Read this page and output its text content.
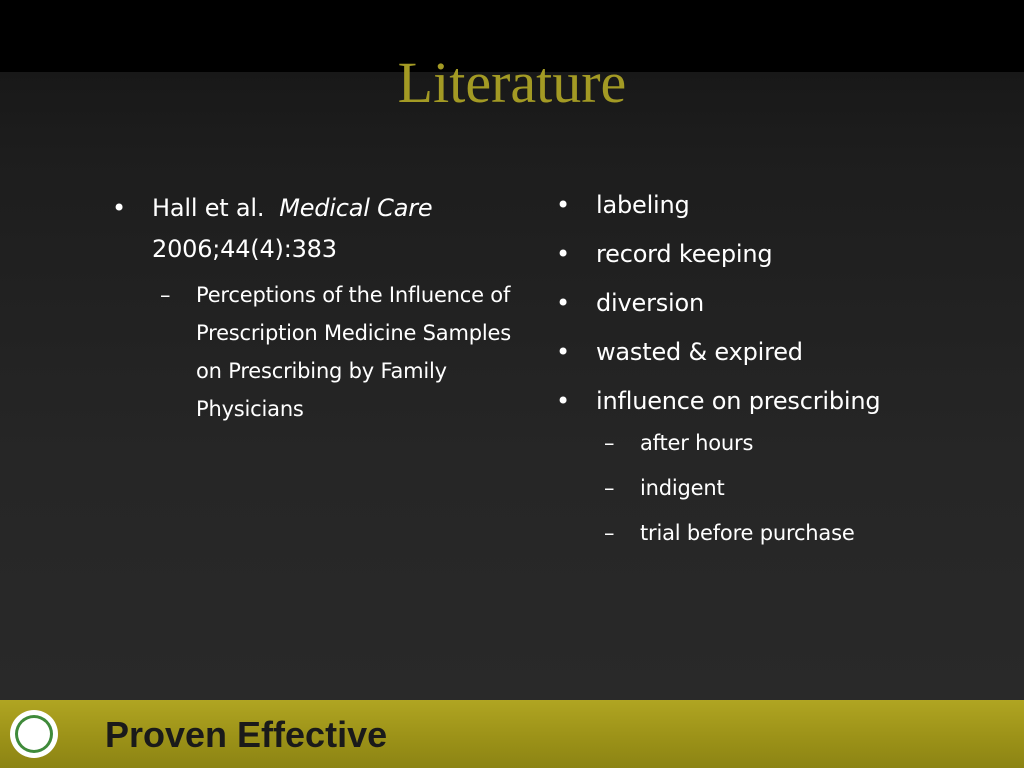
Literature
•	Hall et al. Medical Care
2006;44(4):383
–	Perceptions of the Influence of Prescription Medicine Samples on Prescribing by Family Physicians
•	labeling
•	record keeping
•	diversion
•	wasted & expired
•	influence on prescribing
–	after hours
–	indigent
–	trial before purchase
Proven Effective
